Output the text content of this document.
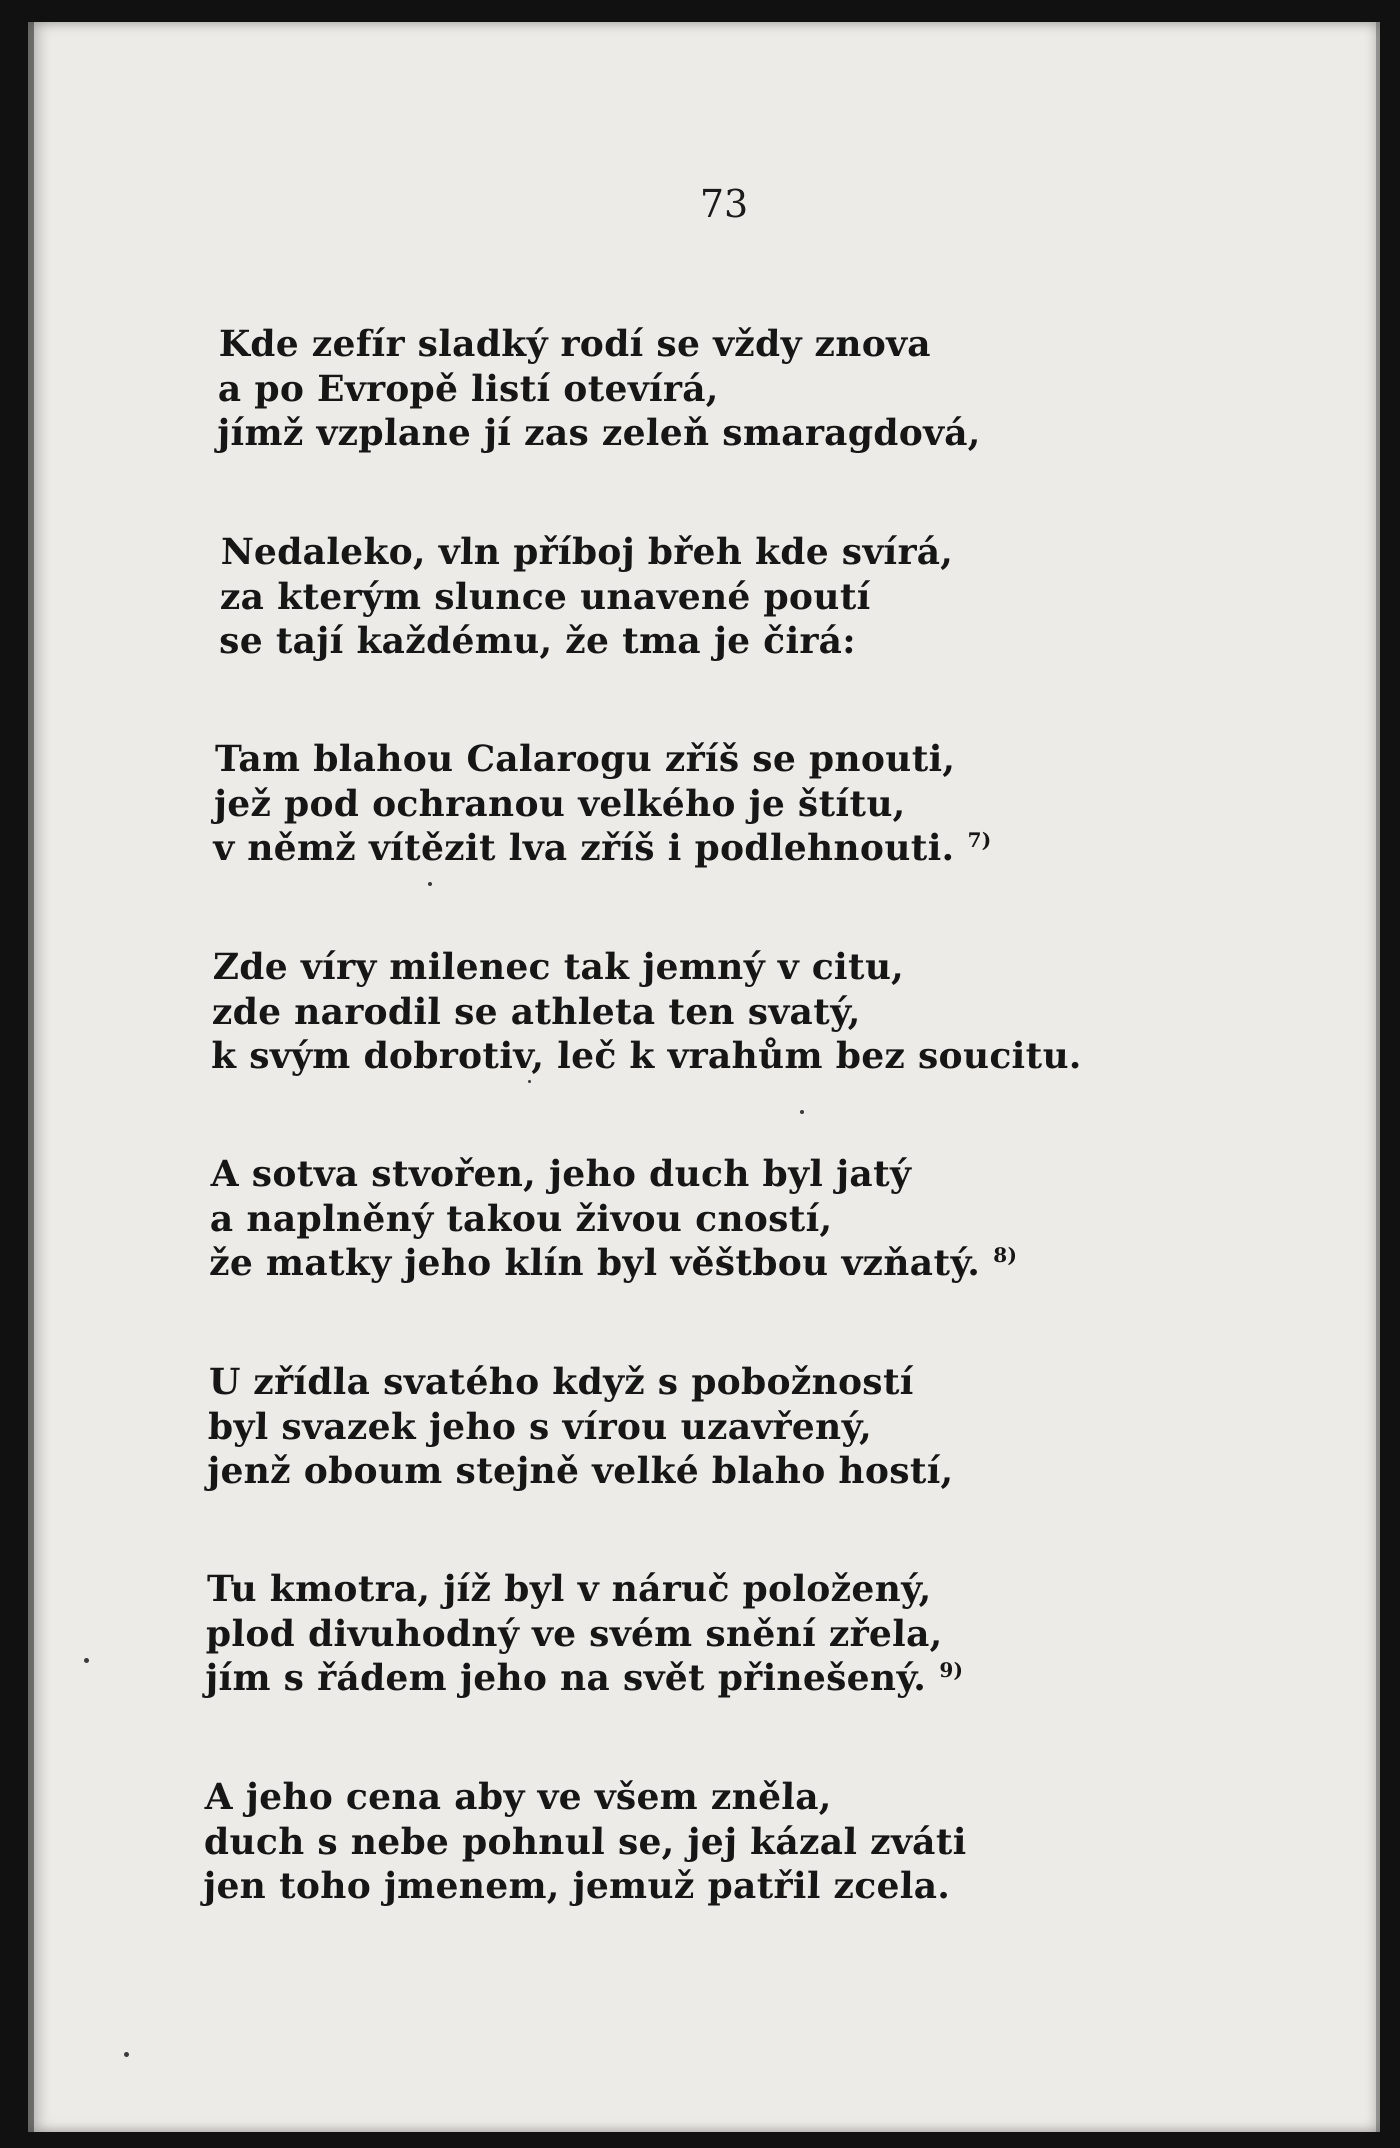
73
Kde zefír sladký rodí se vždy znova
a po Evropě listí otevírá,
jímž vzplane jí zas zeleň smaragdová,
Nedaleko, vln příboj břeh kde svírá,
za kterým slunce unavené poutí
se tají každému, že tma je čirá:
Tam blahou Calarogu zříš se pnouti,
jež pod ochranou velkého je štítu,
v němž vítězit lva zříš i podlehnouti. $^{7)}$
Zde víry milenec tak jemný v citu,
zde narodil se athleta ten svatý,
k svým dobrotiv, leč k vrahům bez soucitu.
A sotva stvořen, jeho duch byl jatý
a naplněný takou živou cností,
že matky jeho klín byl věštbou vzňatý. $^{8)}$
U zřídla svatého když s pobožností
byl svazek jeho s vírou uzavřený,
jenž oboum stejně velké blaho hostí,
Tu kmotra, jíž byl v náruč položený,
plod divuhodný ve svém snění zřela,
jím s řádem jeho na svět přinešený. $^{9)}$
A jeho cena aby ve všem zněla,
duch s nebe pohnul se, jej kázal zváti
jen toho jmenem, jemuž patřil zcela.
